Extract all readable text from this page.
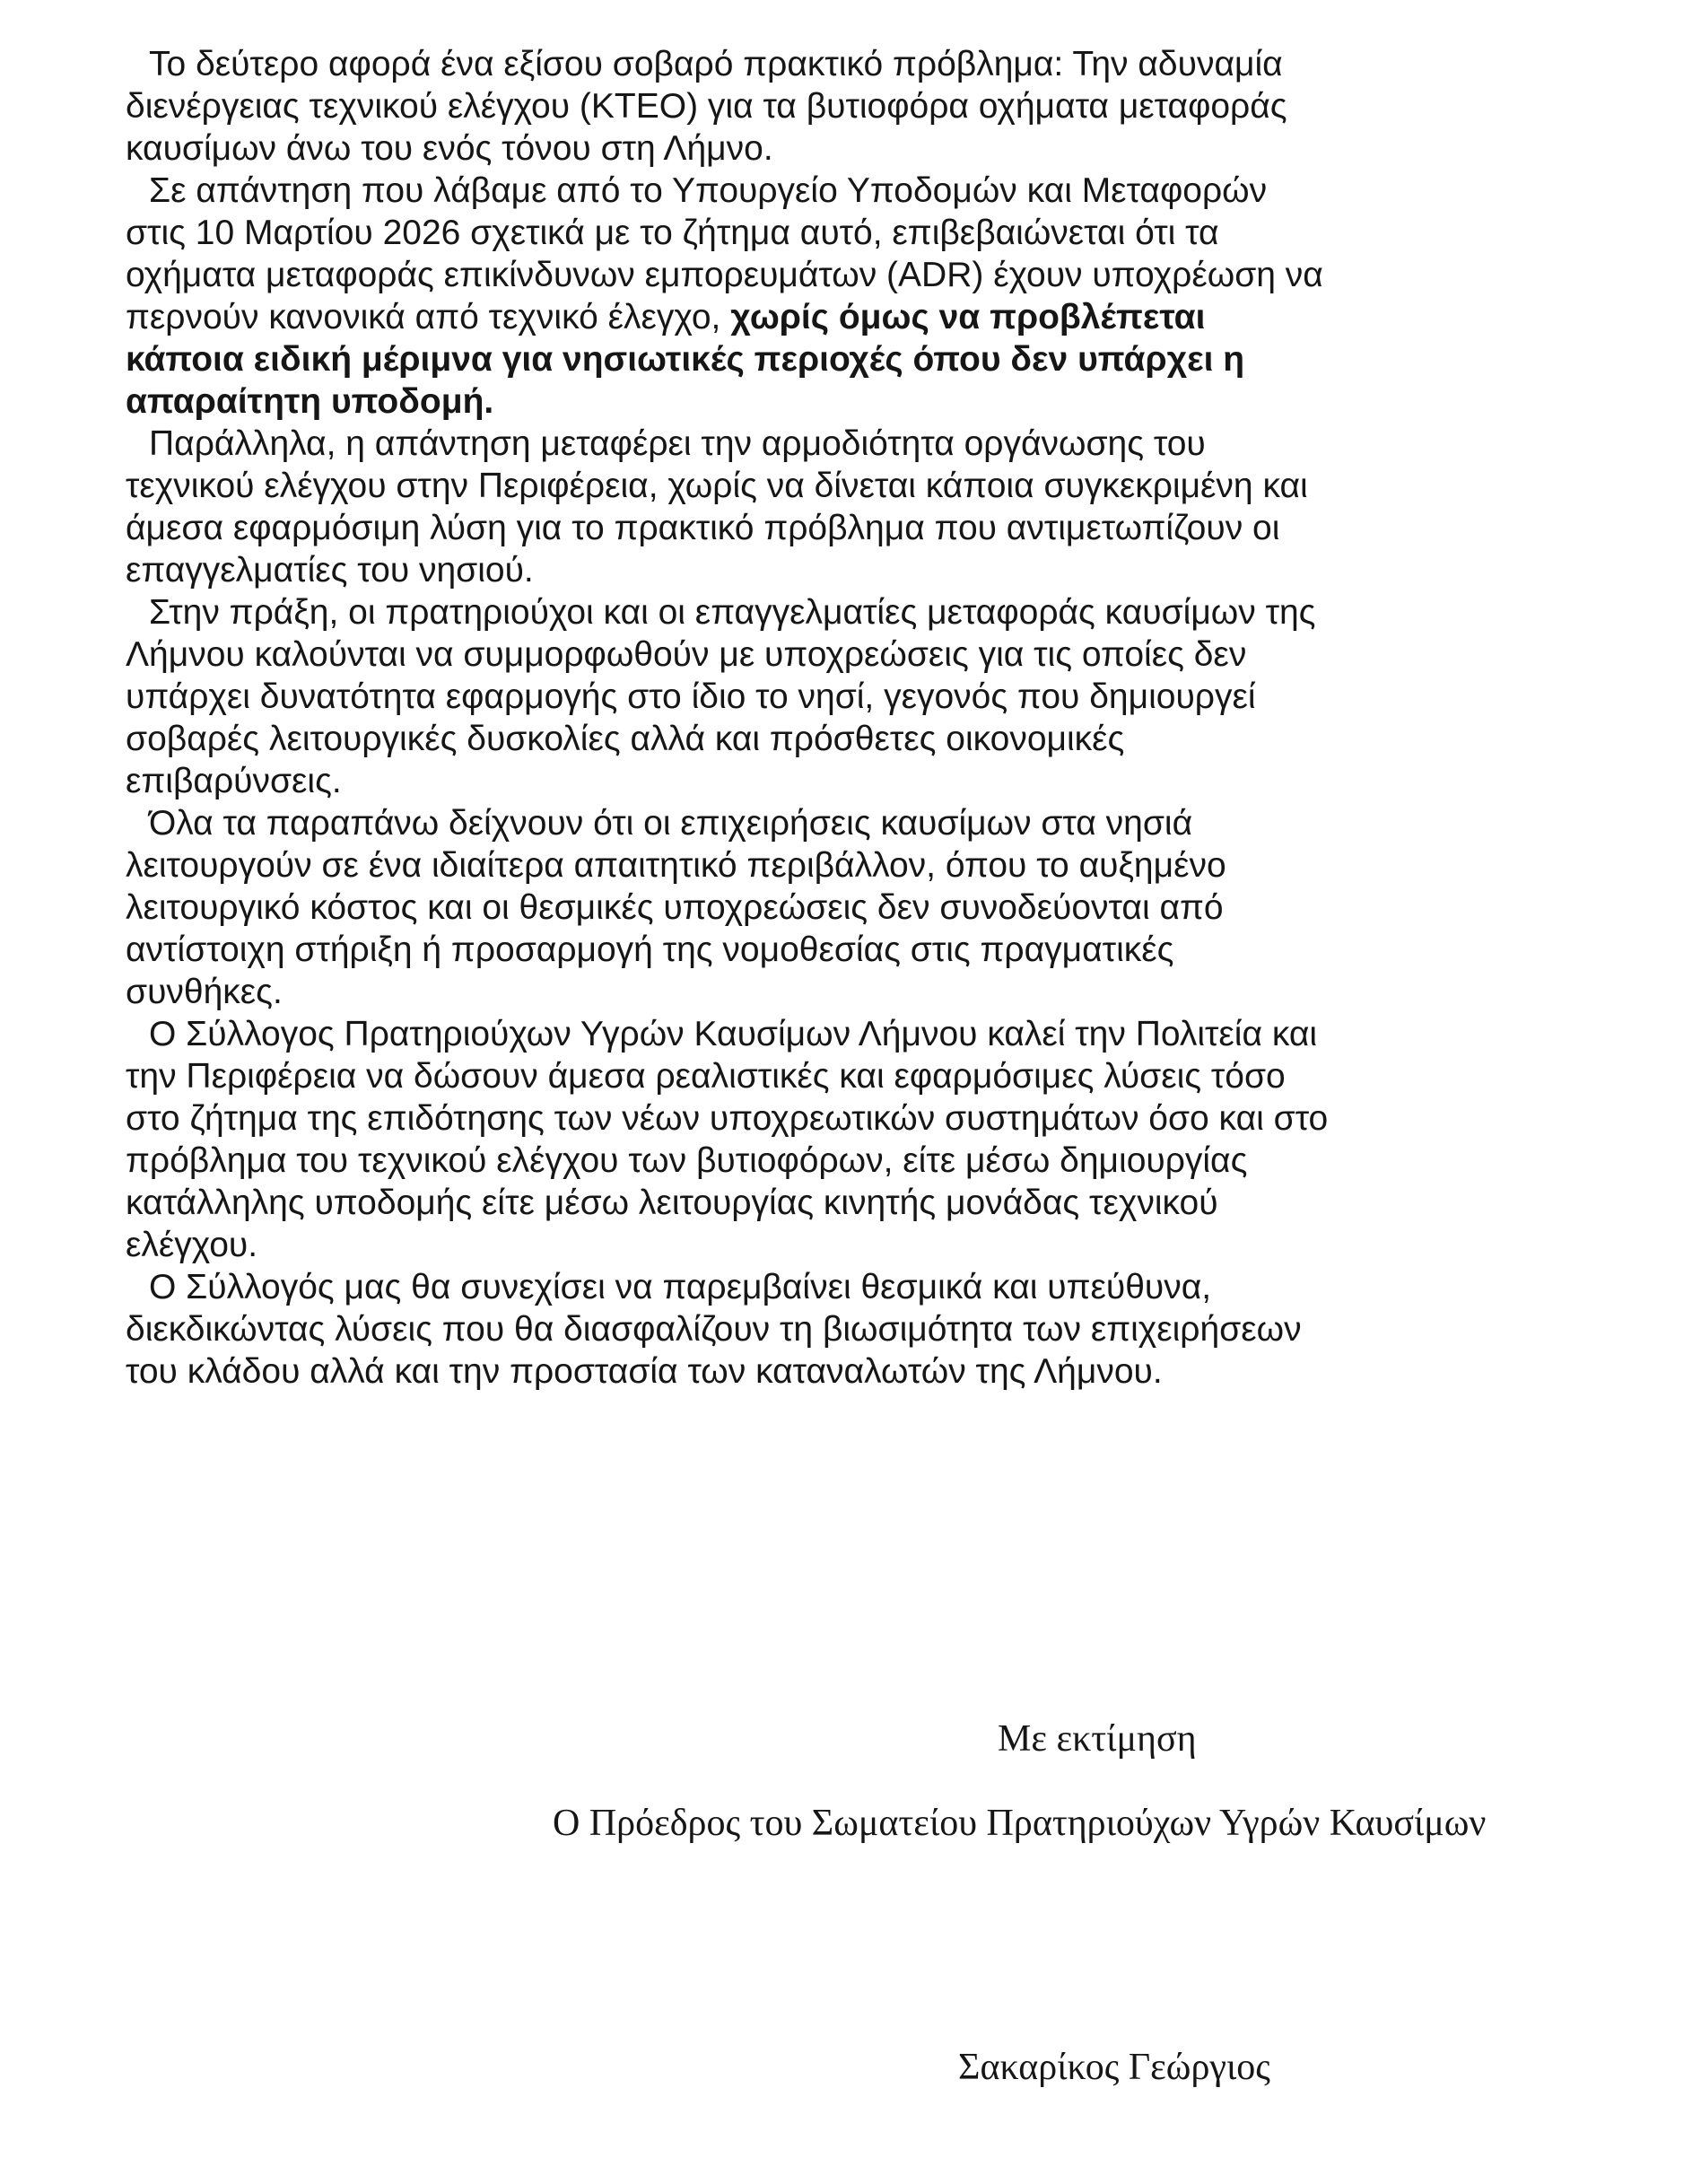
Το δεύτερο αφορά ένα εξίσου σοβαρό πρακτικό πρόβλημα: Την αδυναμία
διενέργειας τεχνικού ελέγχου (ΚΤΕΟ) για τα βυτιοφόρα οχήματα μεταφοράς
καυσίμων άνω του ενός τόνου στη Λήμνο.

Σε απάντηση που λάβαμε από το Υπουργείο Υποδομών και Μεταφορών
στις 10 Μαρτίου 2026 σχετικά με το ζήτημα αυτό, επιβεβαιώνεται ότι τα
οχήματα μεταφοράς επικίνδυνων εμπορευμάτων (ADR) έχουν υποχρέωση να
περνούν κανονικά από τεχνικό έλεγχο, χωρίς όμως να προβλέπεται
κάποια ειδική μέριμνα για νησιωτικές περιοχές όπου δεν υπάρχει η
απαραίτητη υποδομή.

Παράλληλα, η απάντηση μεταφέρει την αρμοδιότητα οργάνωσης του
τεχνικού ελέγχου στην Περιφέρεια, χωρίς να δίνεται κάποια συγκεκριμένη και
άμεσα εφαρμόσιμη λύση για το πρακτικό πρόβλημα που αντιμετωπίζουν οι
επαγγελματίες του νησιού.

Στην πράξη, οι πρατηριούχοι και οι επαγγελματίες μεταφοράς καυσίμων της
Λήμνου καλούνται να συμμορφωθούν με υποχρεώσεις για τις οποίες δεν
υπάρχει δυνατότητα εφαρμογής στο ίδιο το νησί, γεγονός που δημιουργεί
σοβαρές λειτουργικές δυσκολίες αλλά και πρόσθετες οικονομικές
επιβαρύνσεις.

Όλα τα παραπάνω δείχνουν ότι οι επιχειρήσεις καυσίμων στα νησιά
λειτουργούν σε ένα ιδιαίτερα απαιτητικό περιβάλλον, όπου το αυξημένο
λειτουργικό κόστος και οι θεσμικές υποχρεώσεις δεν συνοδεύονται από
αντίστοιχη στήριξη ή προσαρμογή της νομοθεσίας στις πραγματικές
συνθήκες.

Ο Σύλλογος Πρατηριούχων Υγρών Καυσίμων Λήμνου καλεί την Πολιτεία και
την Περιφέρεια να δώσουν άμεσα ρεαλιστικές και εφαρμόσιμες λύσεις τόσο
στο ζήτημα της επιδότησης των νέων υποχρεωτικών συστημάτων όσο και στο
πρόβλημα του τεχνικού ελέγχου των βυτιοφόρων, είτε μέσω δημιουργίας
κατάλληλης υποδομής είτε μέσω λειτουργίας κινητής μονάδας τεχνικού
ελέγχου.

Ο Σύλλογός μας θα συνεχίσει να παρεμβαίνει θεσμικά και υπεύθυνα,
διεκδικώντας λύσεις που θα διασφαλίζουν τη βιωσιμότητα των επιχειρήσεων
του κλάδου αλλά και την προστασία των καταναλωτών της Λήμνου.

Με εκτίμηση
Ο Πρόεδρος του Σωματείου Πρατηριούχων Υγρών Καυσίμων
Σακαρίκος Γεώργιος
